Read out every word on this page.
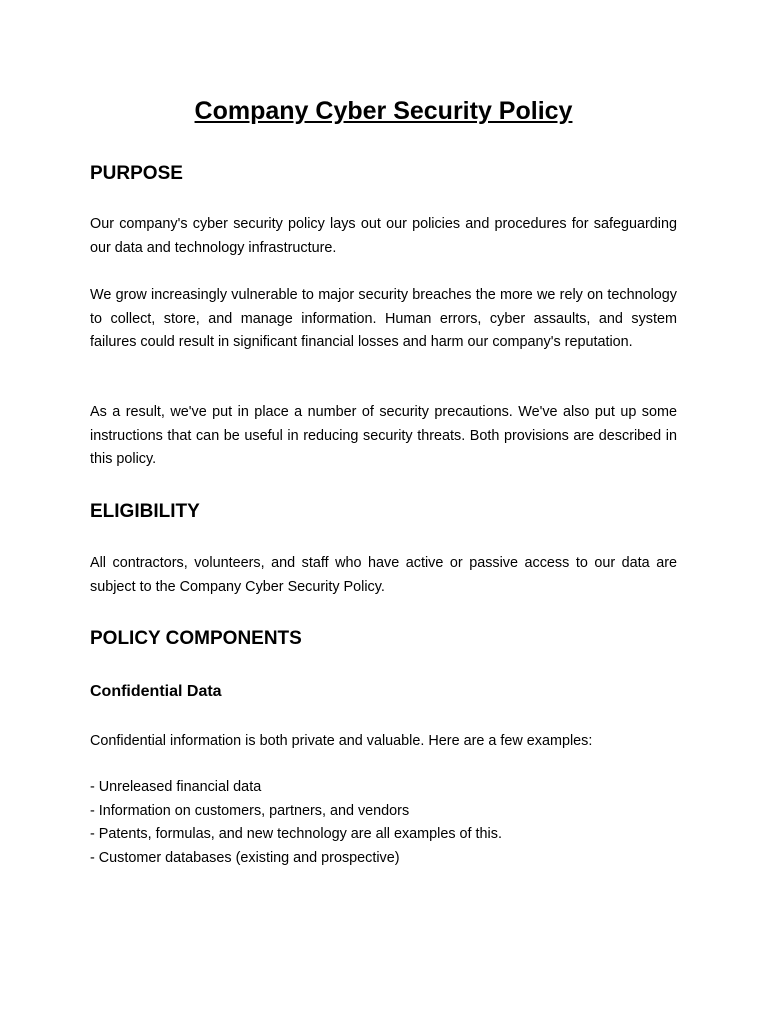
Company Cyber Security Policy
PURPOSE

Our company's cyber security policy lays out our policies and procedures for safeguarding our data and technology infrastructure.

We grow increasingly vulnerable to major security breaches the more we rely on technology to collect, store, and manage information. Human errors, cyber assaults, and system failures could result in significant financial losses and harm our company's reputation.

As a result, we've put in place a number of security precautions. We've also put up some instructions that can be useful in reducing security threats. Both provisions are described in this policy.

ELIGIBILITY

All contractors, volunteers, and staff who have active or passive access to our data are subject to the Company Cyber Security Policy.

POLICY COMPONENTS
Confidential Data

Confidential information is both private and valuable. Here are a few examples:

- Unreleased financial data
- Information on customers, partners, and vendors
- Patents, formulas, and new technology are all examples of this.
- Customer databases (existing and prospective)
